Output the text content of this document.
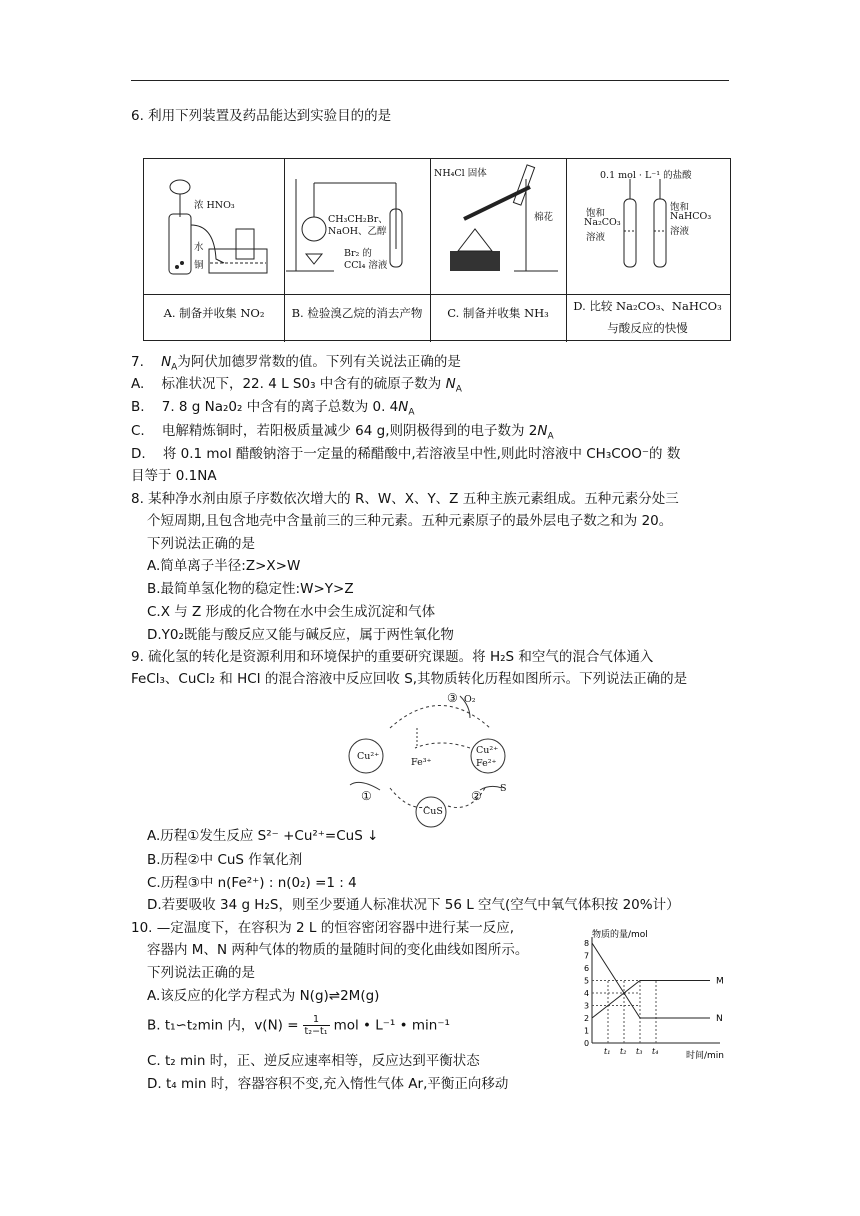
6. 利用下列装置及药品能达到实验目的的是
浓 HNO₃
水
铜
CH₃CH₂Br、
NaOH、乙醇
Br₂ 的
CCl₄ 溶液
NH₄Cl 固体
棉花
0.1 mol · L⁻¹ 的盐酸
饱和
Na₂CO₃
溶液
饱和
NaHCO₃
溶液
A. 制备并收集 NO₂	B. 检验溴乙烷的消去产物	C. 制备并收集 NH₃	D. 比较 Na₂CO₃、NaHCO₃
与酸反应的快慢
7. $N_A$为阿伏加德罗常数的值。下列有关说法正确的是
A. 标准状况下，22. 4 L S0₃ 中含有的硫原子数为 $N_A$
B. 7. 8 g Na₂0₂ 中含有的离子总数为 0. $4N_A$
C. 电解精炼铜时，若阳极质量减少 64 g,则阴极得到的电子数为 $2N_A$
D. 将 0.1 mol 醋酸钠溶于一定量的稀醋酸中,若溶液呈中性,则此时溶液中 CH₃COO⁻的 数
目等于 0.1NA
8. 某种净水剂由原子序数依次增大的 R、W、X、Y、Z 五种主族元素组成。五种元素分处三
个短周期,且包含地壳中含量前三的三种元素。五种元素原子的最外层电子数之和为 20。
下列说法正确的是
A.简单离子半径:Z>X>W
B.最简单氢化物的稳定性:W>Y>Z
C.X 与 Z 形成的化合物在水中会生成沉淀和气体
D.Y0₂既能与酸反应又能与碱反应，属于两性氧化物
9. 硫化氢的转化是资源利用和环境保护的重要研究课题。将 H₂S 和空气的混合气体通入
FeCl₃、CuCl₂ 和 HCI 的混合溶液中反应回收 S,其物质转化历程如图所示。下列说法正确的是
Cu²⁺
Fe³⁺
Cu²⁺
Fe²⁺
CuS
O₂
S
①	②
③
A.历程①发生反应 S²⁻ +Cu²⁺=CuS ↓
B.历程②中 CuS 作氧化剂
C.历程③中 n(Fe²⁺) : n(0₂) =1 : 4
D.若要吸收 34 g H₂S，则至少要通人标准状况下 56 L 空气(空气中氧气体积按 20%计）
10. —定温度下，在容积为 2 L 的恒容密闭容器中进行某一反应,
容器内 M、N 两种气体的物质的量随时间的变化曲线如图所示。
下列说法正确的是
A.该反应的化学方程式为 N(g)⇌2M(g)
B. t₁∽t₂min 内，$v(N) = \frac{1}{\text{t₂−t₁}}$ mol • L⁻¹ • min⁻¹
C. t₂ min 时，正、逆反应速率相等，反应达到平衡状态
D. t₄ min 时，容器容积不变,充入惰性气体 Ar,平衡正向移动
物质的量/mol
时间/min
0
1
2
3
4
5
6
7
8
t₁ t₂ t₃ t₄
M
N
